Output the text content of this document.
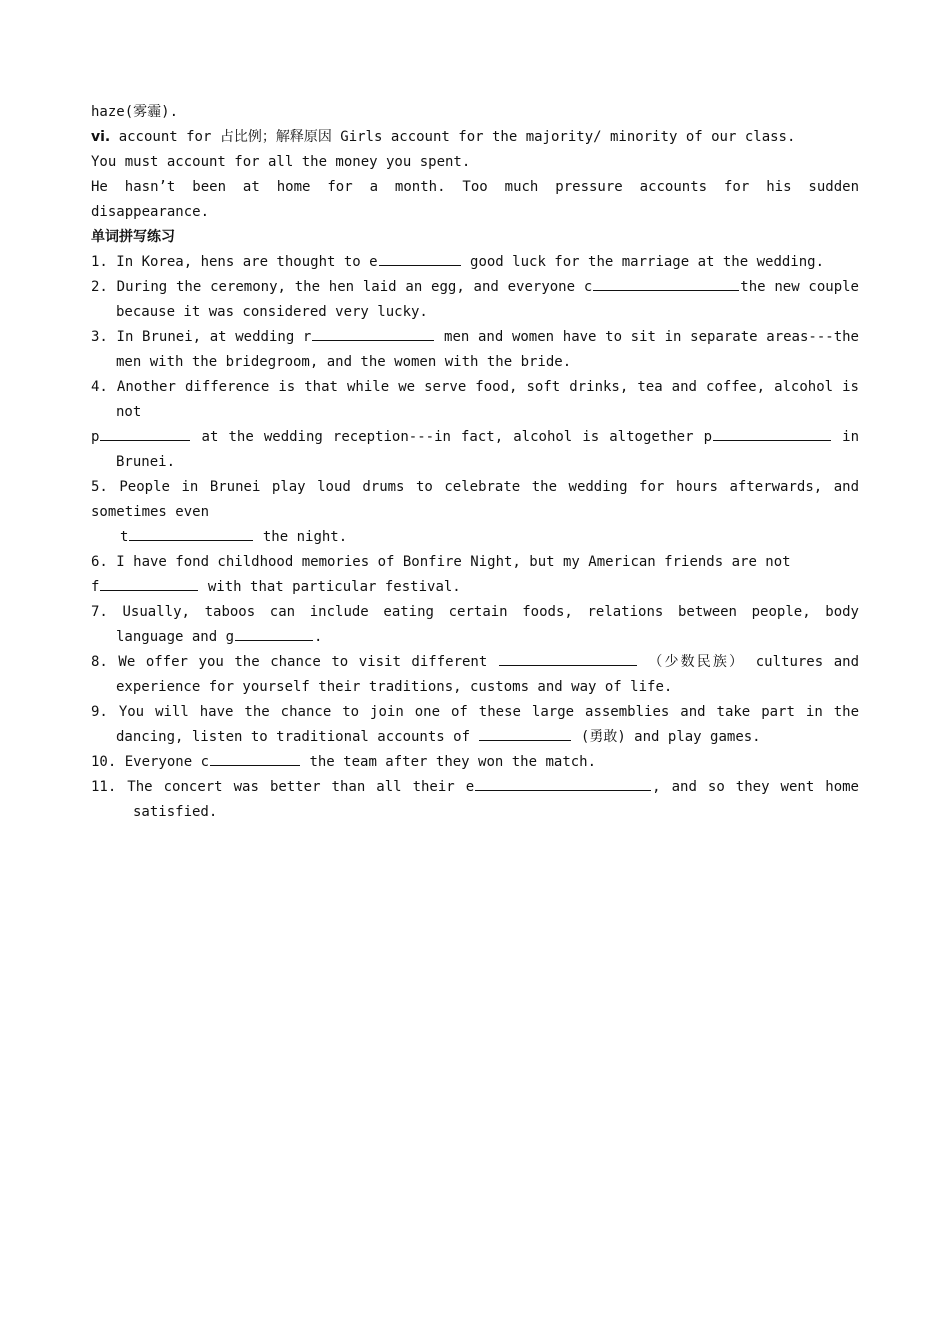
haze(雾霾).
vi. account for 占比例；解释原因 Girls account for the majority/ minority of our class.
You must account for all the money you spent.
He hasn’t been at home for a month. Too much pressure accounts for his sudden
disappearance.
单词拼写练习
1. In Korea, hens are thought to e	good luck for the marriage at the wedding.
2. During the ceremony, the hen laid an egg, and everyone c	the new couple
because it was considered very lucky.
3. In Brunei, at wedding r	men and women have to sit in separate areas---the
men with the bridegroom, and the women with the bride.
4. Another difference is that while we serve food, soft drinks, tea and coffee, alcohol is
not
p	at the wedding reception---in fact, alcohol is altogether p	in
Brunei.
5. People in Brunei play loud drums to celebrate the wedding for hours afterwards, and
sometimes even
t	the night.
6. I have fond childhood memories of Bonfire Night, but my American friends are not
f	with that particular festival.
7. Usually, taboos can include eating certain foods, relations between people, body
language and g	.
8. We offer you the chance to visit different	（少数民族） cultures and
experience for yourself their traditions, customs and way of life.
9. You will have the chance to join one of these large assemblies and take part in the
dancing, listen to traditional accounts of	(勇敢) and play games.
10. Everyone c	the team after they won the match.
11. The concert was better than all their e	, and so they went home
satisfied.
